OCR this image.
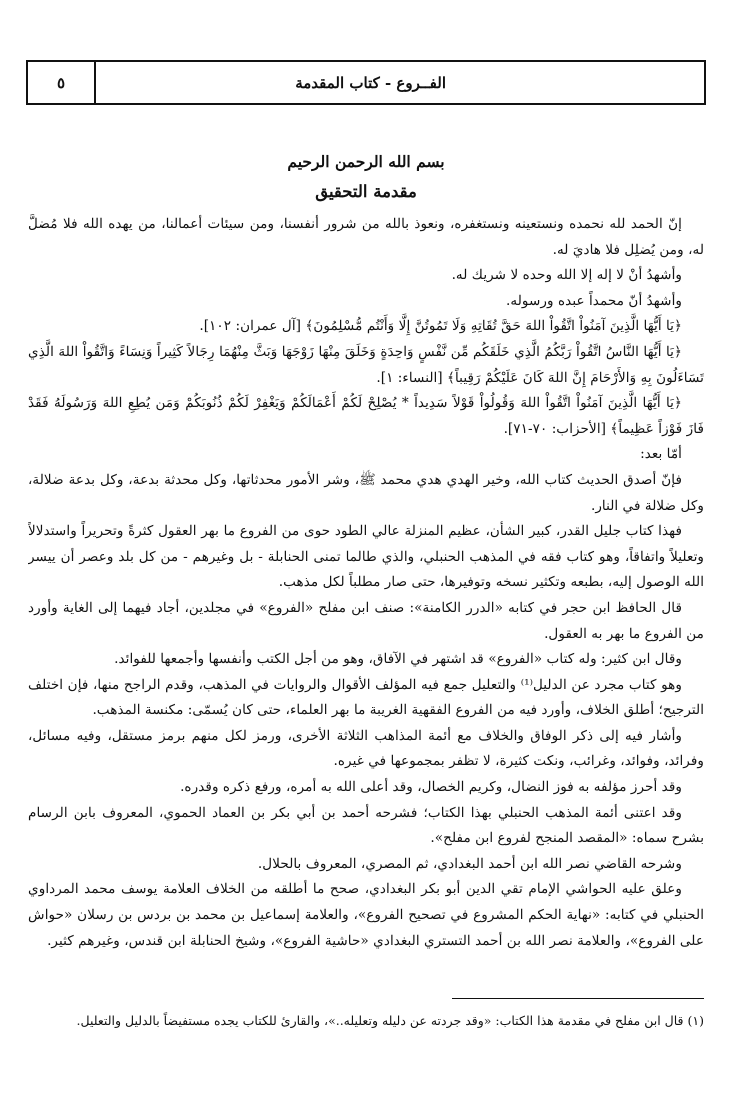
٥	الفــروع - كتاب المقدمة
بسم الله الرحمن الرحيم
مقدمة التحقيق

إنّ الحمد لله نحمده ونستعينه ونستغفره، ونعوذ بالله من شرور أنفسنا، ومن سيئات أعمالنا، من يهده الله فلا مُضلَّ له، ومن يُضلِل فلا هاديَ له.

وأشهدُ أنْ لا إله إلا الله وحده لا شريك له.

وأشهدُ أنّ محمداً عبده ورسوله.

﴿يَا أَيُّهَا الَّذِينَ آمَنُواْ اتَّقُواْ اللهَ حَقَّ تُقَاتِهِ وَلَا تَمُوتُنَّ إِلَّا وَأَنْتُم مُّسْلِمُونَ﴾ [آل عمران: ١٠٢].

﴿يَا أَيُّهَا النَّاسُ اتَّقُواْ رَبَّكُمُ الَّذِي خَلَقَكُم مِّن نَّفْسٍ وَاحِدَةٍ وَخَلَقَ مِنْهَا زَوْجَهَا وَبَثَّ مِنْهُمَا رِجَالاً كَثِيراً وَنِسَاءً وَاتَّقُواْ اللهَ الَّذِي تَسَاءَلُونَ بِهِ وَالأَرْحَامَ إِنَّ اللهَ كَانَ عَلَيْكُمْ رَقِيباً﴾ [النساء: ١].

﴿يَا أَيُّهَا الَّذِينَ آمَنُواْ اتَّقُواْ اللهَ وَقُولُواْ قَوْلاً سَدِيداً * يُصْلِحْ لَكُمْ أَعْمَالَكُمْ وَيَغْفِرْ لَكُمْ ذُنُوبَكُمْ وَمَن يُطِعِ اللهَ وَرَسُولَهُ فَقَدْ فَازَ فَوْزاً عَظِيماً﴾ [الأحزاب: ٧٠-٧١].

أمّا بعد:

فإنّ أصدق الحديث كتاب الله، وخير الهدي هدي محمد ﷺ، وشر الأمور محدثاتها، وكل محدثة بدعة، وكل بدعة ضلالة، وكل ضلالة في النار.

فهذا كتاب جليل القدر، كبير الشأن، عظيم المنزلة عالي الطود حوى من الفروع ما بهر العقول كثرةً وتحريراً واستدلالاً وتعليلاً واتفاقاً، وهو كتاب فقه في المذهب الحنبلي، والذي طالما تمنى الحنابلة - بل وغيرهم - من كل بلد وعصر أن ييسر الله الوصول إليه، بطبعه وتكثير نسخه وتوفيرها، حتى صار مطلباً لكل مذهب.

قال الحافظ ابن حجر في كتابه «الدرر الكامنة»: صنف ابن مفلح «الفروع» في مجلدين، أجاد فيهما إلى الغاية وأورد من الفروع ما بهر به العقول.

وقال ابن كثير: وله كتاب «الفروع» قد اشتهر في الآفاق، وهو من أجل الكتب وأنفسها وأجمعها للفوائد.

وهو كتاب مجرد عن الدليل⁽¹⁾ والتعليل جمع فيه المؤلف الأقوال والروايات في المذهب، وقدم الراجح منها، فإن اختلف الترجيح؛ أطلق الخلاف، وأورد فيه من الفروع الفقهية الغريبة ما بهر العلماء، حتى كان يُسمّى: مكنسة المذهب.

وأشار فيه إلى ذكر الوفاق والخلاف مع أئمة المذاهب الثلاثة الأخرى، ورمز لكل منهم برمز مستقل، وفيه مسائل، وفرائد، وفوائد، وغرائب، ونكت كثيرة، لا تظفر بمجموعها في غيره.

وقد أحرز مؤلفه به فوز النضال، وكريم الخصال، وقد أعلى الله به أمره، ورفع ذكره وقدره.

وقد اعتنى أئمة المذهب الحنبلي بهذا الكتاب؛ فشرحه أحمد بن أبي بكر بن العماد الحموي، المعروف بابن الرسام بشرح سماه: «المقصد المنجح لفروع ابن مفلح».

وشرحه القاضي نصر الله ابن أحمد البغدادي، ثم المصري، المعروف بالحلال.

وعلق عليه الحواشي الإمام تقي الدين أبو بكر البغدادي، صحح ما أطلقه من الخلاف العلامة يوسف محمد المرداوي الحنبلي في كتابه: «نهاية الحكم المشروع في تصحيح الفروع»، والعلامة إسماعيل بن محمد بن بردس بن رسلان «حواش على الفروع»، والعلامة نصر الله بن أحمد التستري البغدادي «حاشية الفروع»، وشيخ الحنابلة ابن قندس، وغيرهم كثير.

(١) قال ابن مفلح في مقدمة هذا الكتاب: «وقد جردته عن دليله وتعليله..»، والقارئ للكتاب يجده مستفيضاً بالدليل والتعليل.
